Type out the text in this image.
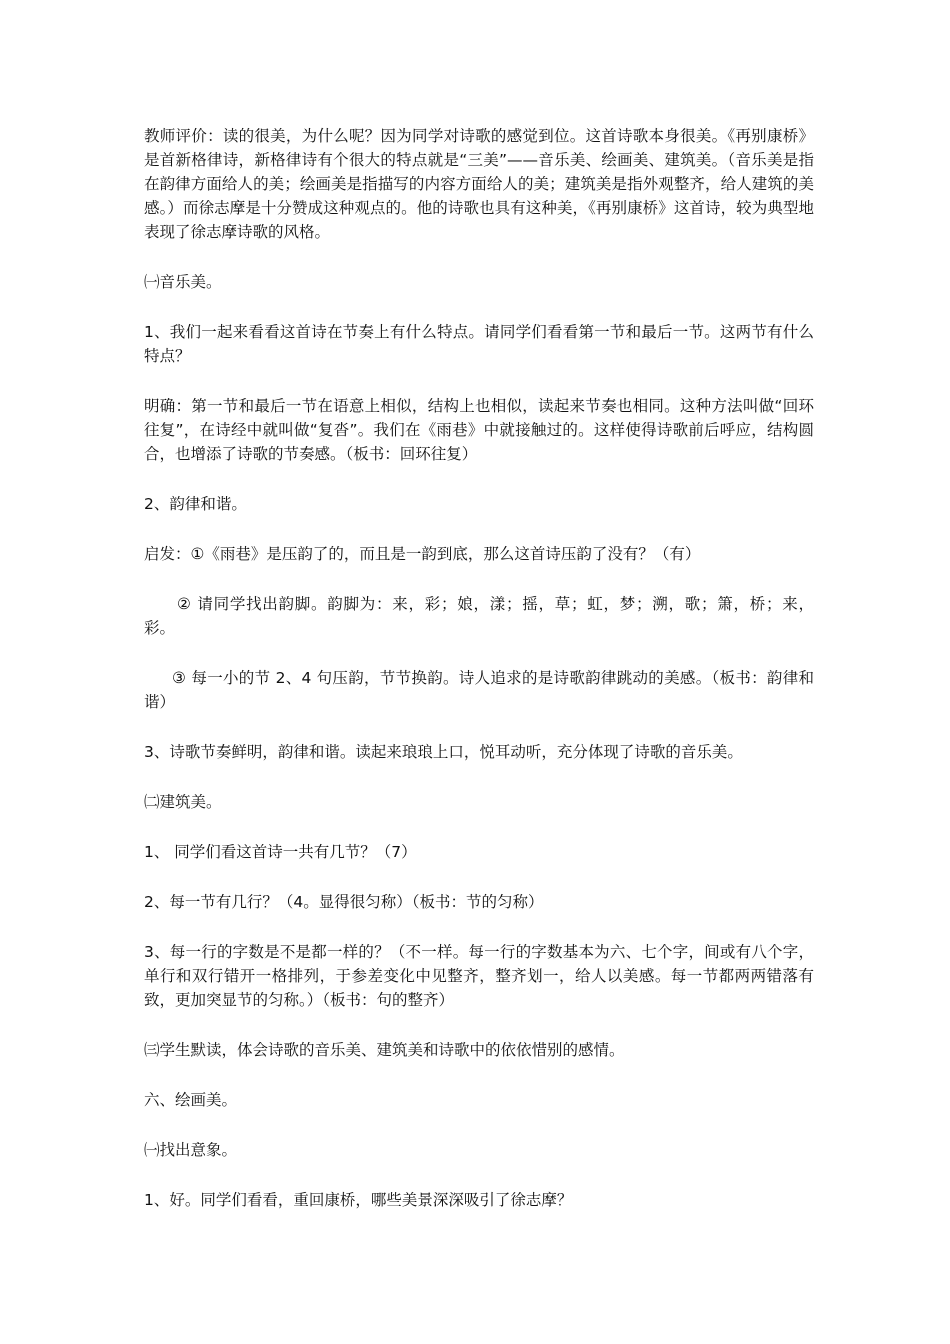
教师评价：读的很美，为什么呢？因为同学对诗歌的感觉到位。这首诗歌本身很美。《再别康桥》是首新格律诗，新格律诗有个很大的特点就是“三美”——音乐美、绘画美、建筑美。（音乐美是指在韵律方面给人的美；绘画美是指描写的内容方面给人的美；建筑美是指外观整齐，给人建筑的美感。）而徐志摩是十分赞成这种观点的。他的诗歌也具有这种美，《再别康桥》这首诗，较为典型地表现了徐志摩诗歌的风格。

㈠音乐美。

1、我们一起来看看这首诗在节奏上有什么特点。请同学们看看第一节和最后一节。这两节有什么特点？

明确：第一节和最后一节在语意上相似，结构上也相似，读起来节奏也相同。这种方法叫做“回环往复”，在诗经中就叫做“复沓”。我们在《雨巷》中就接触过的。这样使得诗歌前后呼应，结构圆合，也增添了诗歌的节奏感。（板书：回环往复）

2、韵律和谐。

启发：①《雨巷》是压韵了的，而且是一韵到底，那么这首诗压韵了没有？（有）

② 请同学找出韵脚。韵脚为：来，彩；娘，漾；摇，草；虹，梦；溯，歌；箫，桥；来，彩。

③ 每一小的节 2、4 句压韵，节节换韵。诗人追求的是诗歌韵律跳动的美感。（板书：韵律和谐）

3、诗歌节奏鲜明，韵律和谐。读起来琅琅上口，悦耳动听，充分体现了诗歌的音乐美。

㈡建筑美。

1、 同学们看这首诗一共有几节？（7）

2、每一节有几行？（4。显得很匀称）（板书：节的匀称）

3、每一行的字数是不是都一样的？（不一样。每一行的字数基本为六、七个字，间或有八个字，单行和双行错开一格排列，于参差变化中见整齐，整齐划一，给人以美感。每一节都两两错落有致，更加突显节的匀称。）（板书：句的整齐）

㈢学生默读，体会诗歌的音乐美、建筑美和诗歌中的依依惜别的感情。

六、绘画美。

㈠找出意象。

1、好。同学们看看，重回康桥，哪些美景深深吸引了徐志摩？
